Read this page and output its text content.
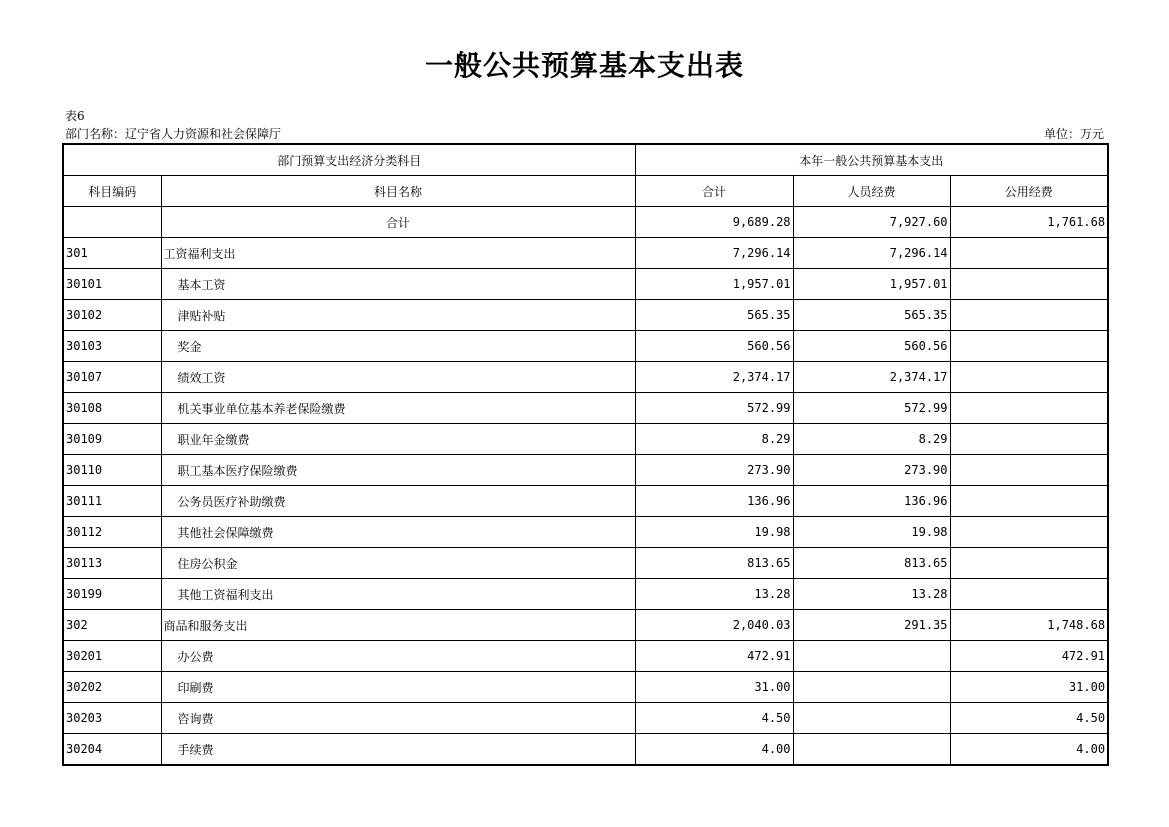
一般公共预算基本支出表
表6
部门名称：辽宁省人力资源和社会保障厅	单位：万元
部门预算支出经济分类科目		本年一般公共预算基本支出		
科目编码	科目名称	合计	人员经费	公用经费
	合计	9,689.28	7,927.60	1,761.68
301	工资福利支出	7,296.14	7,296.14	
30101	基本工资	1,957.01	1,957.01	
30102	津贴补贴	565.35	565.35	
30103	奖金	560.56	560.56	
30107	绩效工资	2,374.17	2,374.17	
30108	机关事业单位基本养老保险缴费	572.99	572.99	
30109	职业年金缴费	8.29	8.29	
30110	职工基本医疗保险缴费	273.90	273.90	
30111	公务员医疗补助缴费	136.96	136.96	
30112	其他社会保障缴费	19.98	19.98	
30113	住房公积金	813.65	813.65	
30199	其他工资福利支出	13.28	13.28	
302	商品和服务支出	2,040.03	291.35	1,748.68
30201	办公费	472.91		472.91
30202	印刷费	31.00		31.00
30203	咨询费	4.50		4.50
30204	手续费	4.00		4.00
